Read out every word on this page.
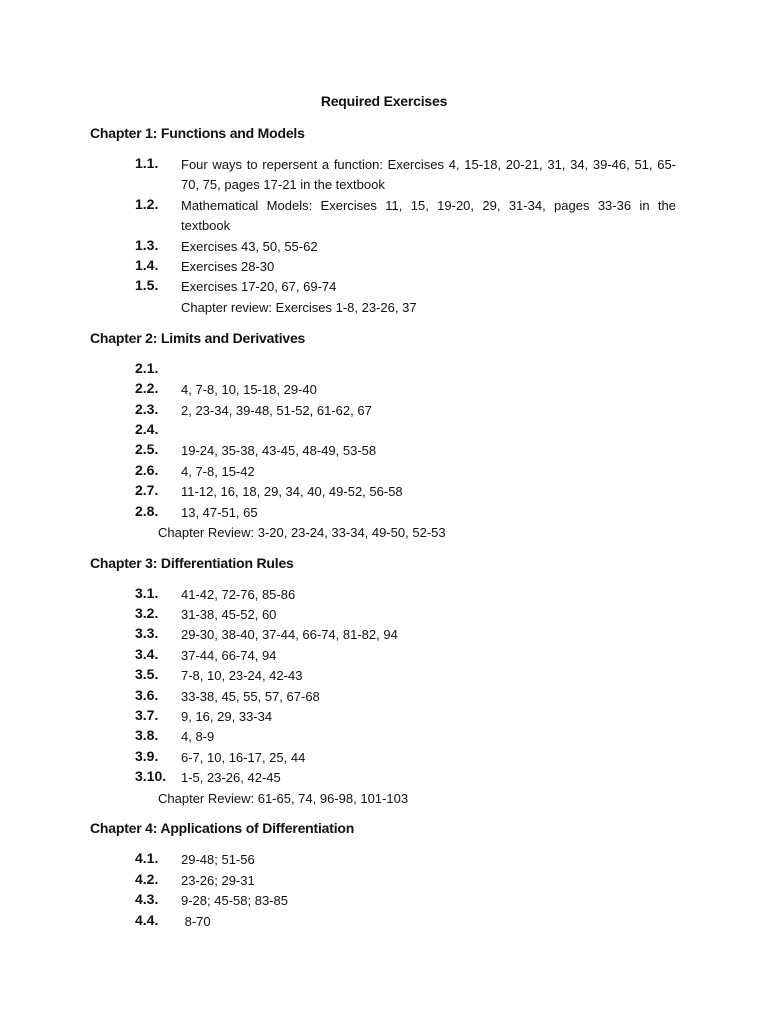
Required Exercises
Chapter 1: Functions and Models
1.1. Four ways to repersent a function: Exercises 4, 15-18, 20-21, 31, 34, 39-46, 51, 65-70, 75, pages 17-21 in the textbook
1.2. Mathematical Models: Exercises 11, 15, 19-20, 29, 31-34, pages 33-36 in the textbook
1.3. Exercises 43, 50, 55-62
1.4. Exercises 28-30
1.5. Exercises 17-20, 67, 69-74
Chapter review: Exercises 1-8, 23-26, 37
Chapter 2: Limits and Derivatives
2.1.
2.2. 4, 7-8, 10, 15-18, 29-40
2.3. 2, 23-34, 39-48, 51-52, 61-62, 67
2.4.
2.5. 19-24, 35-38, 43-45, 48-49, 53-58
2.6. 4, 7-8, 15-42
2.7. 11-12, 16, 18, 29, 34, 40, 49-52, 56-58
2.8. 13, 47-51, 65
Chapter Review: 3-20, 23-24, 33-34, 49-50, 52-53
Chapter 3: Differentiation Rules
3.1. 41-42, 72-76, 85-86
3.2. 31-38, 45-52, 60
3.3. 29-30, 38-40, 37-44, 66-74, 81-82, 94
3.4. 37-44, 66-74, 94
3.5. 7-8, 10, 23-24, 42-43
3.6. 33-38, 45, 55, 57, 67-68
3.7. 9, 16, 29, 33-34
3.8. 4, 8-9
3.9. 6-7, 10, 16-17, 25, 44
3.10. 1-5, 23-26, 42-45
Chapter Review: 61-65, 74, 96-98, 101-103
Chapter 4: Applications of Differentiation
4.1. 29-48; 51-56
4.2. 23-26; 29-31
4.3. 9-28; 45-58; 83-85
4.4. 8-70
